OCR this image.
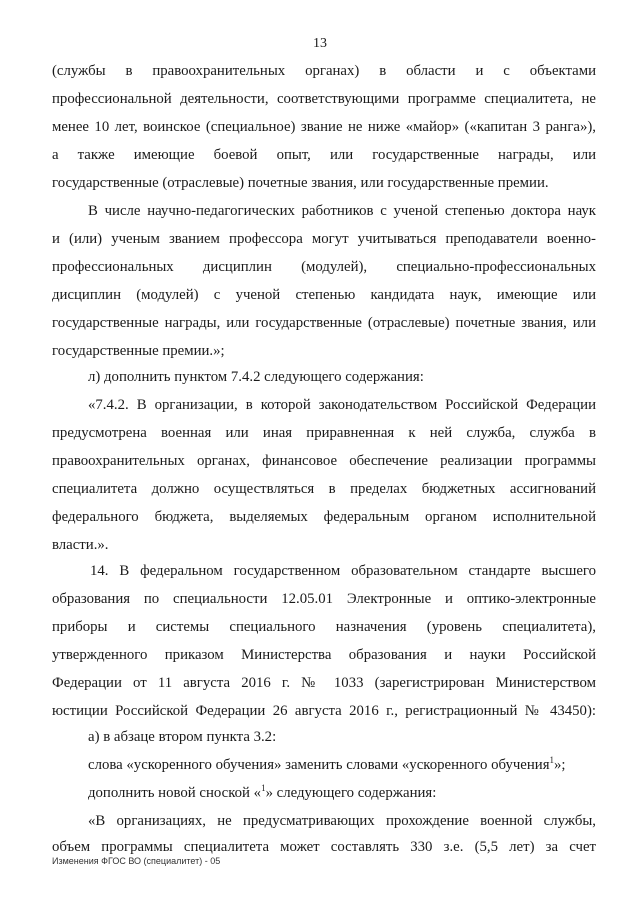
13
(службы в правоохранительных органах) в области и с объектами
профессиональной деятельности, соответствующими программе специалитета, не
менее 10 лет, воинское (специальное) звание не ниже «майор» («капитан 3 ранга»),
а также имеющие боевой опыт, или государственные награды, или
государственные (отраслевые) почетные звания, или государственные премии.
В числе научно-педагогических работников с ученой степенью доктора наук
и (или) ученым званием профессора могут учитываться преподаватели военно-
профессиональных дисциплин (модулей), специально-профессиональных
дисциплин (модулей) с ученой степенью кандидата наук, имеющие или
государственные награды, или государственные (отраслевые) почетные звания, или
государственные премии.»;
л) дополнить пунктом 7.4.2 следующего содержания:
«7.4.2. В организации, в которой законодательством Российской Федерации
предусмотрена военная или иная приравненная к ней служба, служба в
правоохранительных органах, финансовое обеспечение реализации программы
специалитета должно осуществляться в пределах бюджетных ассигнований
федерального бюджета, выделяемых федеральным органом исполнительной
власти.».
14. В федеральном государственном образовательном стандарте высшего
образования по специальности 12.05.01 Электронные и оптико-электронные
приборы и системы специального назначения (уровень специалитета),
утвержденного приказом Министерства образования и науки Российской
Федерации от 11 августа 2016 г. № 1033 (зарегистрирован Министерством
юстиции Российской Федерации 26 августа 2016 г., регистрационный № 43450):
а) в абзаце втором пункта 3.2:
слова «ускоренного обучения» заменить словами «ускоренного обучения$^1$»;
дополнить новой сноской «$^1$» следующего содержания:
«В организациях, не предусматривающих прохождение военной службы,
объем программы специалитета может составлять 330 з.е. (5,5 лет) за счет
Изменения ФГОС ВО (специалитет) - 05
